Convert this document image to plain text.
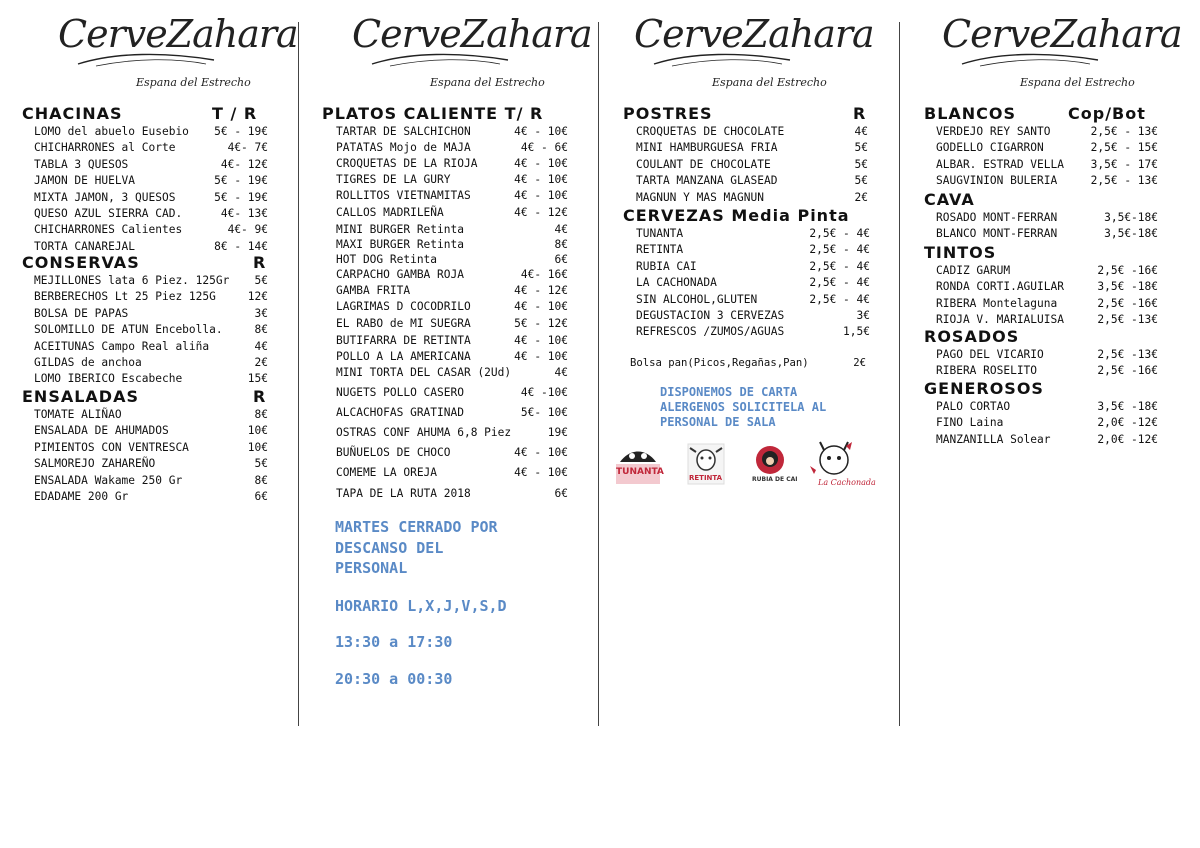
CerveZahara
Espana del Estrecho
CerveZahara
Espana del Estrecho
CerveZahara
Espana del Estrecho
CerveZahara
Espana del Estrecho
CHACINAS	T / R
LOMO del abuelo Eusebio 5€ - 19€
CHICHARRONES al Corte	4€- 7€
TABLA 3 QUESOS	4€- 12€
JAMON DE HUELVA	5€ - 19€
MIXTA JAMON, 3 QUESOS	5€ - 19€
QUESO AZUL SIERRA CAD.	4€- 13€
CHICHARRONES Calientes	4€- 9€
TORTA CANAREJAL	8€ - 14€
CONSERVAS	R
MEJILLONES lata 6 Piez. 125Gr 5€
BERBERECHOS Lt 25 Piez 125G	12€
BOLSA DE PAPAS	3€
SOLOMILLO DE ATUN Encebolla.	8€
ACEITUNAS Campo Real aliña	4€
GILDAS de anchoa	2€
LOMO IBERICO Escabeche	15€
ENSALADAS	R
TOMATE ALIÑAO	8€
ENSALADA DE AHUMADOS	10€
PIMIENTOS CON VENTRESCA	10€
SALMOREJO ZAHAREÑO	5€
ENSALADA Wakame 250 Gr	8€
EDADAME 200 Gr	6€
PLATOS CALIENTE T/ R
TARTAR DE SALCHICHON	4€ - 10€
PATATAS Mojo de MAJA	4€ - 6€
CROQUETAS DE LA RIOJA	4€ - 10€
TIGRES DE LA GURY	4€ - 10€
ROLLITOS VIETNAMITAS	4€ - 10€
CALLOS MADRILEÑA	4€ - 12€
MINI BURGER Retinta	4€
MAXI BURGER Retinta	8€
HOT DOG Retinta	6€
CARPACHO GAMBA ROJA	4€- 16€
GAMBA FRITA	4€ - 12€
LAGRIMAS D COCODRILO	4€ - 10€
EL RABO de MI SUEGRA	5€ - 12€
BUTIFARRA DE RETINTA	4€ - 10€
POLLO A LA AMERICANA	4€ - 10€
MINI TORTA DEL CASAR (2Ud)	4€
NUGETS POLLO CASERO	4€ -10€
ALCACHOFAS GRATINAD	5€- 10€
OSTRAS CONF AHUMA 6,8 Piez	19€
BUÑUELOS DE CHOCO	4€ - 10€
COMEME LA OREJA	4€ - 10€
TAPA DE LA RUTA 2018	6€
POSTRES	R
CROQUETAS DE CHOCOLATE	4€
MINI HAMBURGUESA FRIA	5€
COULANT DE CHOCOLATE	5€
TARTA MANZANA GLASEAD	5€
MAGNUN Y MAS MAGNUN	2€
CERVEZAS Media Pinta
TUNANTA	2,5€ - 4€
RETINTA	2,5€ - 4€
RUBIA CAI	2,5€ - 4€
LA CACHONADA	2,5€ - 4€
SIN ALCOHOL,GLUTEN	2,5€ - 4€
DEGUSTACION 3 CERVEZAS	3€
REFRESCOS /ZUMOS/AGUAS	1,5€
Bolsa pan(Picos,Regañas,Pan)	2€
BLANCOS	Cop/Bot
VERDEJO REY SANTO	2,5€ - 13€
GODELLO CIGARRON	2,5€ - 15€
ALBAR. ESTRAD VELLA 3,5€ - 17€
SAUGVINION BULERIA	2,5€ - 13€
CAVA
ROSADO MONT-FERRAN	3,5€-18€
BLANCO MONT-FERRAN	3,5€-18€
TINTOS
CADIZ GARUM	2,5€ -16€
RONDA CORTI.AGUILAR	3,5€ -18€
RIBERA Montelaguna	2,5€ -16€
RIOJA V. MARIALUISA	2,5€ -13€
ROSADOS
PAGO DEL VICARIO	2,5€ -13€
RIBERA ROSELITO	2,5€ -16€
GENEROSOS
PALO CORTAO	3,5€ -18€
FINO Laina	2,0€ -12€
MANZANILLA Solear	2,0€ -12€
MARTES CERRADO POR
DESCANSO DEL
PERSONAL
HORARIO L,X,J,V,S,D
13:30 a 17:30
20:30 a 00:30
DISPONEMOS DE CARTA
ALERGENOS SOLICITELA AL
PERSONAL DE SALA
TUNANTA
RETINTA	RUBIA DE CAI	La Cachonada
